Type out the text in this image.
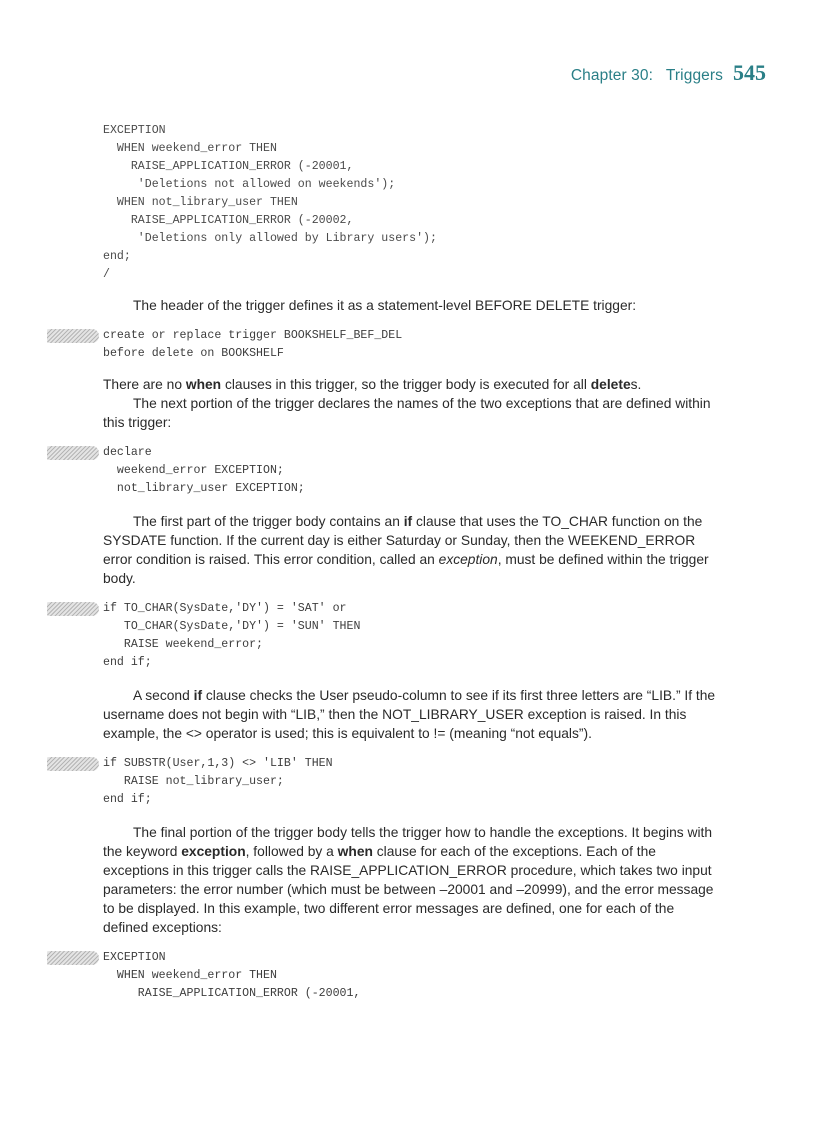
Chapter 30:   Triggers 545
EXCEPTION
WHEN weekend_error THEN
RAISE_APPLICATION_ERROR (-20001,
'Deletions not allowed on weekends');
WHEN not_library_user THEN
RAISE_APPLICATION_ERROR (-20002,
'Deletions only allowed by Library users');
end;
/

The header of the trigger defines it as a statement-level BEFORE DELETE trigger:

create or replace trigger BOOKSHELF_BEF_DEL
before delete on BOOKSHELF

There are no when clauses in this trigger, so the trigger body is executed for all deletes.

The next portion of the trigger declares the names of the two exceptions that are defined within this trigger:

declare
weekend_error EXCEPTION;
not_library_user EXCEPTION;

The first part of the trigger body contains an if clause that uses the TO_CHAR function on the SYSDATE function. If the current day is either Saturday or Sunday, then the WEEKEND_ERROR error condition is raised. This error condition, called an exception, must be defined within the trigger body.

if TO_CHAR(SysDate,'DY') = 'SAT' or
TO_CHAR(SysDate,'DY') = 'SUN' THEN
RAISE weekend_error;
end if;

A second if clause checks the User pseudo-column to see if its first three letters are “LIB.” If the username does not begin with “LIB,” then the NOT_LIBRARY_USER exception is raised. In this example, the <> operator is used; this is equivalent to != (meaning “not equals”).

if SUBSTR(User,1,3) <> 'LIB' THEN
RAISE not_library_user;
end if;

The final portion of the trigger body tells the trigger how to handle the exceptions. It begins with the keyword exception, followed by a when clause for each of the exceptions. Each of the exceptions in this trigger calls the RAISE_APPLICATION_ERROR procedure, which takes two input parameters: the error number (which must be between –20001 and –20999), and the error message to be displayed. In this example, two different error messages are defined, one for each of the defined exceptions:

EXCEPTION
WHEN weekend_error THEN
RAISE_APPLICATION_ERROR (-20001,
